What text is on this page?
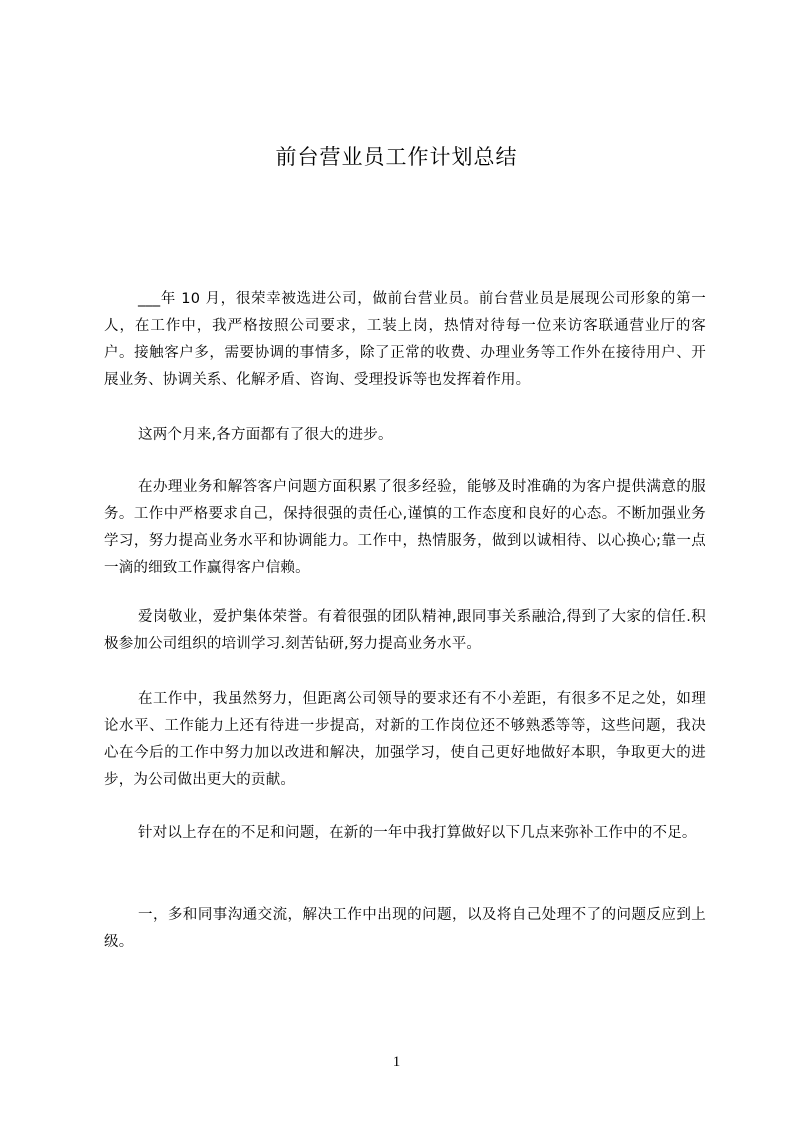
前台营业员工作计划总结

___年 10 月，很荣幸被选进公司，做前台营业员。前台营业员是展现公司形象的第一人，在工作中，我严格按照公司要求，工装上岗，热情对待每一位来访客联通营业厅的客户。接触客户多，需要协调的事情多，除了正常的收费、办理业务等工作外在接待用户、开展业务、协调关系、化解矛盾、咨询、受理投诉等也发挥着作用。

这两个月来,各方面都有了很大的进步。

在办理业务和解答客户问题方面积累了很多经验，能够及时准确的为客户提供满意的服务。工作中严格要求自己，保持很强的责任心,谨慎的工作态度和良好的心态。不断加强业务学习，努力提高业务水平和协调能力。工作中，热情服务，做到以诚相待、以心换心;靠一点一滴的细致工作赢得客户信赖。

爱岗敬业，爱护集体荣誉。有着很强的团队精神,跟同事关系融洽,得到了大家的信任.积极参加公司组织的培训学习.刻苦钻研,努力提高业务水平。

在工作中，我虽然努力，但距离公司领导的要求还有不小差距，有很多不足之处，如理论水平、工作能力上还有待进一步提高，对新的工作岗位还不够熟悉等等，这些问题，我决心在今后的工作中努力加以改进和解决，加强学习，使自己更好地做好本职，争取更大的进步，为公司做出更大的贡献。

针对以上存在的不足和问题，在新的一年中我打算做好以下几点来弥补工作中的不足。

一，多和同事沟通交流，解决工作中出现的问题，以及将自己处理不了的问题反应到上级。

1
